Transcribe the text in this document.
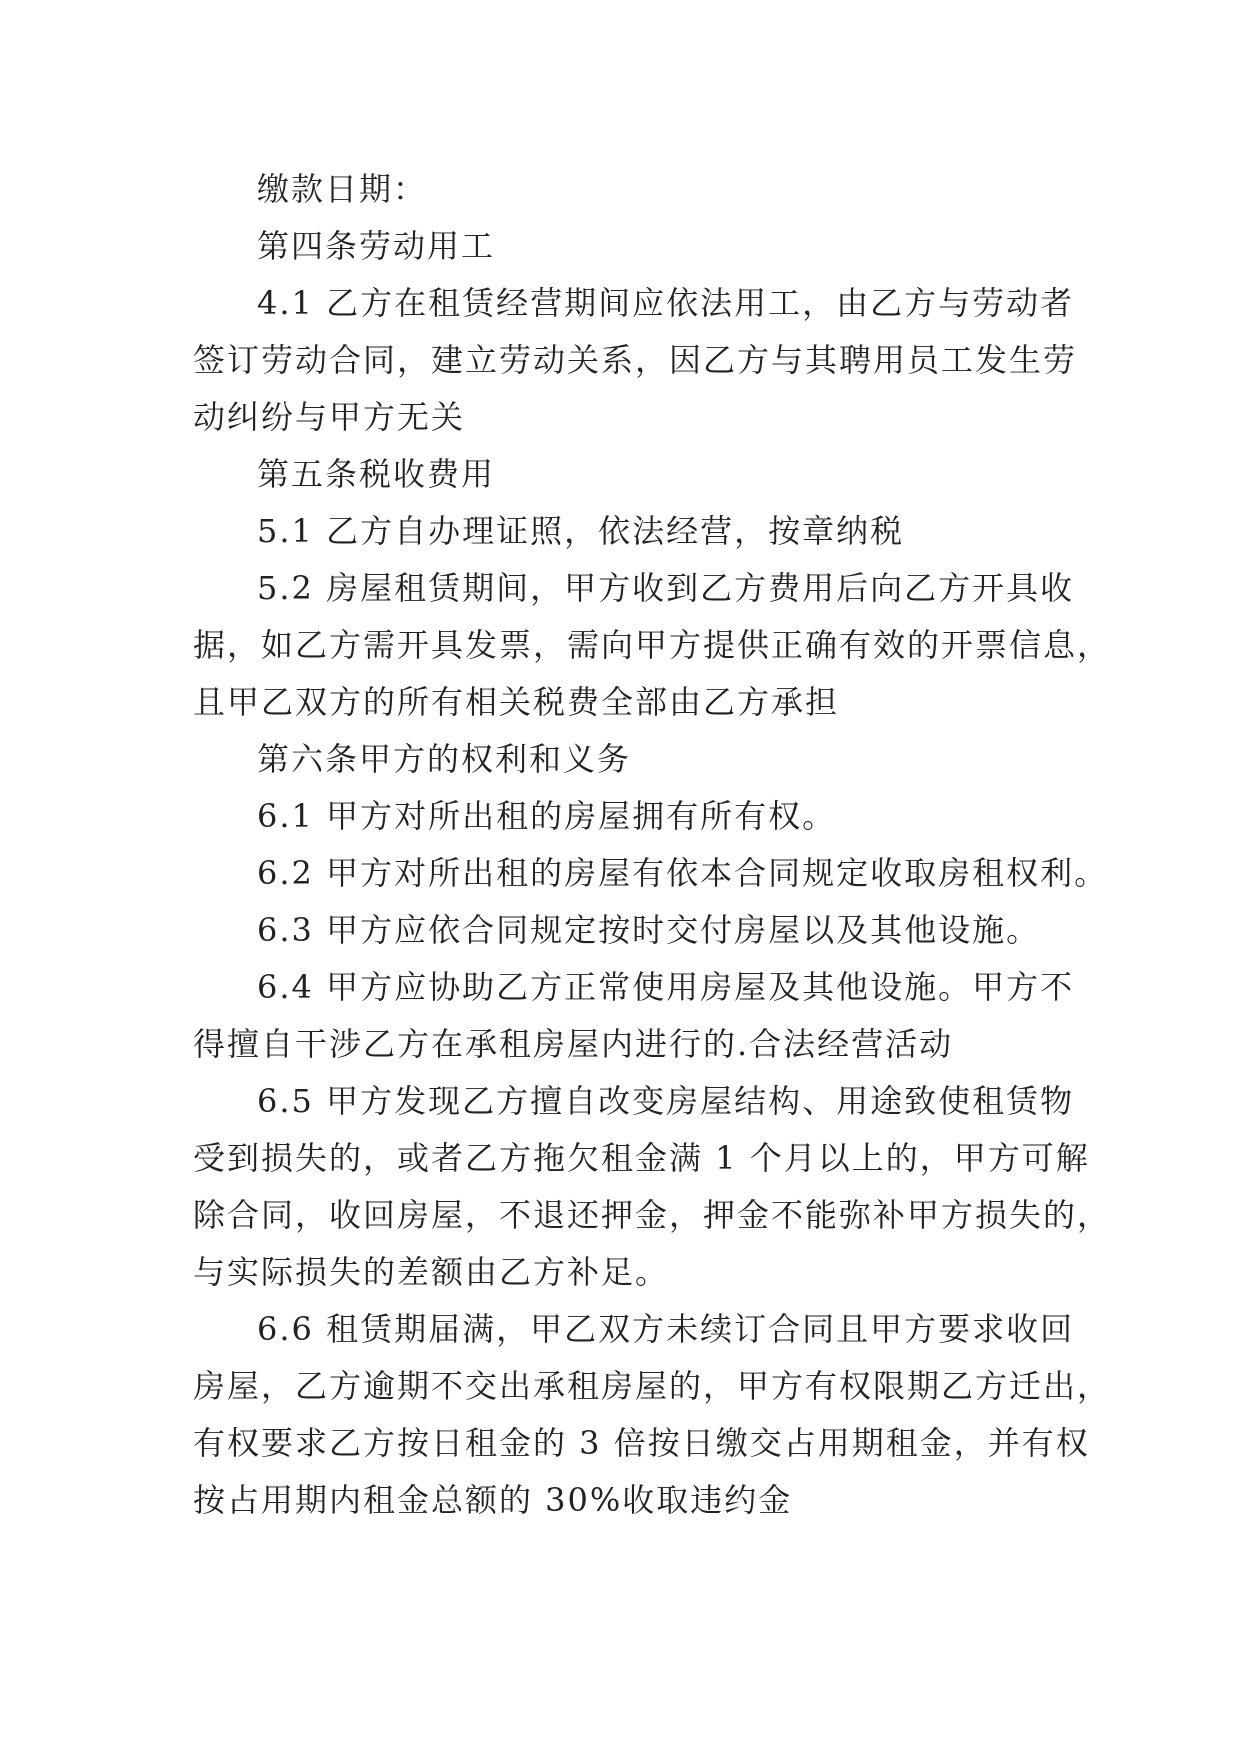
缴款日期：
第四条劳动用工
4.1 乙方在租赁经营期间应依法用工，由乙方与劳动者
签订劳动合同，建立劳动关系，因乙方与其聘用员工发生劳
动纠纷与甲方无关
第五条税收费用
5.1 乙方自办理证照，依法经营，按章纳税
5.2 房屋租赁期间，甲方收到乙方费用后向乙方开具收
据，如乙方需开具发票，需向甲方提供正确有效的开票信息，
且甲乙双方的所有相关税费全部由乙方承担
第六条甲方的权利和义务
6.1 甲方对所出租的房屋拥有所有权。
6.2 甲方对所出租的房屋有依本合同规定收取房租权利。
6.3 甲方应依合同规定按时交付房屋以及其他设施。
6.4 甲方应协助乙方正常使用房屋及其他设施。甲方不
得擅自干涉乙方在承租房屋内进行的.合法经营活动
6.5 甲方发现乙方擅自改变房屋结构、用途致使租赁物
受到损失的，或者乙方拖欠租金满 1 个月以上的，甲方可解
除合同，收回房屋，不退还押金，押金不能弥补甲方损失的，
与实际损失的差额由乙方补足。
6.6 租赁期届满，甲乙双方未续订合同且甲方要求收回
房屋，乙方逾期不交出承租房屋的，甲方有权限期乙方迁出，
有权要求乙方按日租金的 3 倍按日缴交占用期租金，并有权
按占用期内租金总额的 30%收取违约金
